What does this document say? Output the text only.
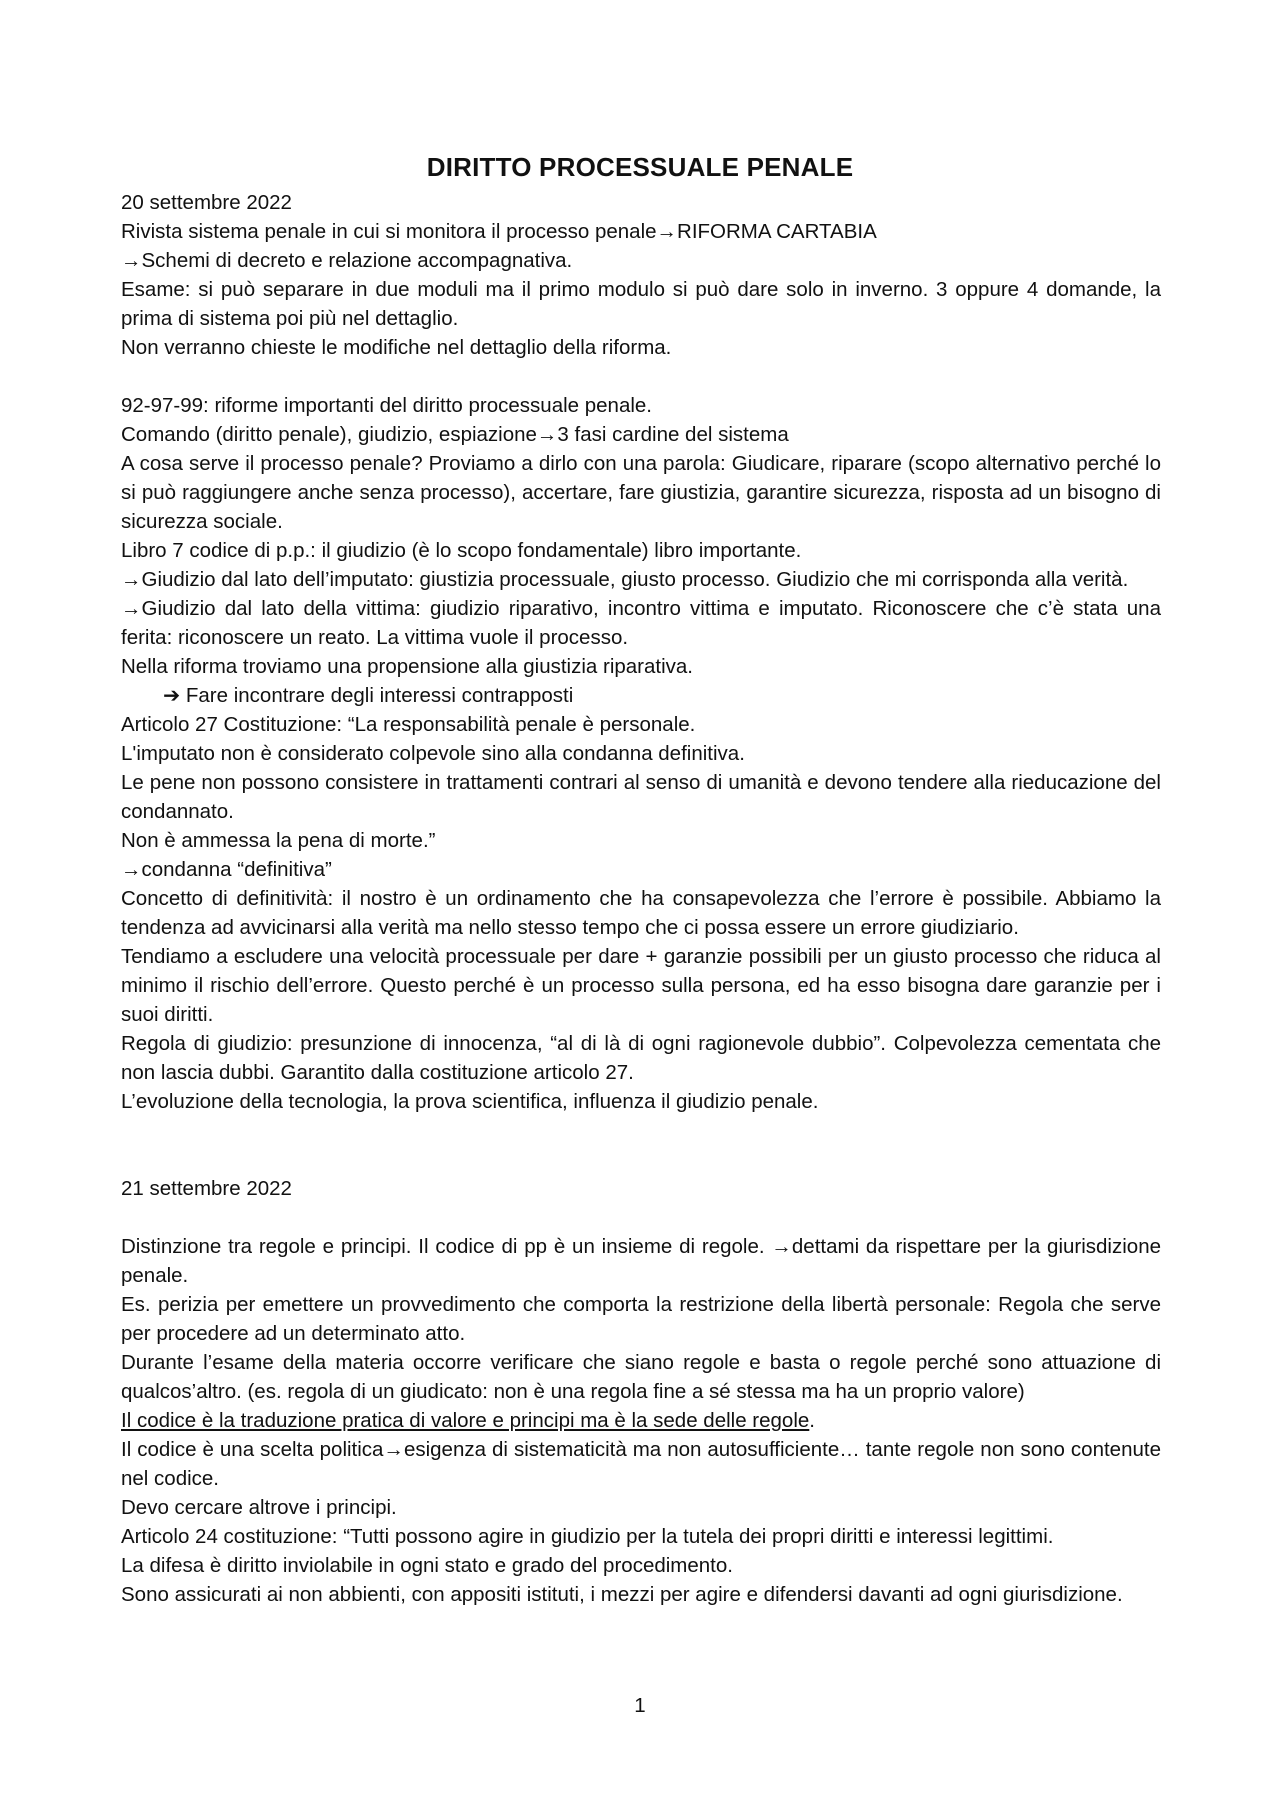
DIRITTO PROCESSUALE PENALE

20 settembre 2022

Rivista sistema penale in cui si monitora il processo penale→RIFORMA CARTABIA

→Schemi di decreto e relazione accompagnativa.

Esame: si può separare in due moduli ma il primo modulo si può dare solo in inverno. 3 oppure 4 domande, la prima di sistema poi più nel dettaglio.

Non verranno chieste le modifiche nel dettaglio della riforma.

92-97-99: riforme importanti del diritto processuale penale.

Comando (diritto penale), giudizio, espiazione→3 fasi cardine del sistema

A cosa serve il processo penale? Proviamo a dirlo con una parola: Giudicare, riparare (scopo alternativo perché lo si può raggiungere anche senza processo), accertare, fare giustizia, garantire sicurezza, risposta ad un bisogno di sicurezza sociale.

Libro 7 codice di p.p.: il giudizio (è lo scopo fondamentale) libro importante.

→Giudizio dal lato dell’imputato: giustizia processuale, giusto processo. Giudizio che mi corrisponda alla verità.

→Giudizio dal lato della vittima: giudizio riparativo, incontro vittima e imputato. Riconoscere che c’è stata una ferita: riconoscere un reato. La vittima vuole il processo.

Nella riforma troviamo una propensione alla giustizia riparativa.

➔ Fare incontrare degli interessi contrapposti

Articolo 27 Costituzione: “La responsabilità penale è personale.

L'imputato non è considerato colpevole sino alla condanna definitiva.

Le pene non possono consistere in trattamenti contrari al senso di umanità e devono tendere alla rieducazione del condannato.

Non è ammessa la pena di morte.”

→condanna “definitiva”

Concetto di definitività: il nostro è un ordinamento che ha consapevolezza che l’errore è possibile. Abbiamo la tendenza ad avvicinarsi alla verità ma nello stesso tempo che ci possa essere un errore giudiziario.

Tendiamo a escludere una velocità processuale per dare + garanzie possibili per un giusto processo che riduca al minimo il rischio dell’errore. Questo perché è un processo sulla persona, ed ha esso bisogna dare garanzie per i suoi diritti.

Regola di giudizio: presunzione di innocenza, “al di là di ogni ragionevole dubbio”. Colpevolezza cementata che non lascia dubbi. Garantito dalla costituzione articolo 27.

L’evoluzione della tecnologia, la prova scientifica, influenza il giudizio penale.

21 settembre 2022

Distinzione tra regole e principi. Il codice di pp è un insieme di regole. →dettami da rispettare per la giurisdizione penale.

Es. perizia per emettere un provvedimento che comporta la restrizione della libertà personale: Regola che serve per procedere ad un determinato atto.

Durante l’esame della materia occorre verificare che siano regole e basta o regole perché sono attuazione di qualcos’altro. (es. regola di un giudicato: non è una regola fine a sé stessa ma ha un proprio valore)

Il codice è la traduzione pratica di valore e principi ma è la sede delle regole.

Il codice è una scelta politica→esigenza di sistematicità ma non autosufficiente… tante regole non sono contenute nel codice.

Devo cercare altrove i principi.

Articolo 24 costituzione: “Tutti possono agire in giudizio per la tutela dei propri diritti e interessi legittimi.

La difesa è diritto inviolabile in ogni stato e grado del procedimento.

Sono assicurati ai non abbienti, con appositi istituti, i mezzi per agire e difendersi davanti ad ogni giurisdizione.

1
